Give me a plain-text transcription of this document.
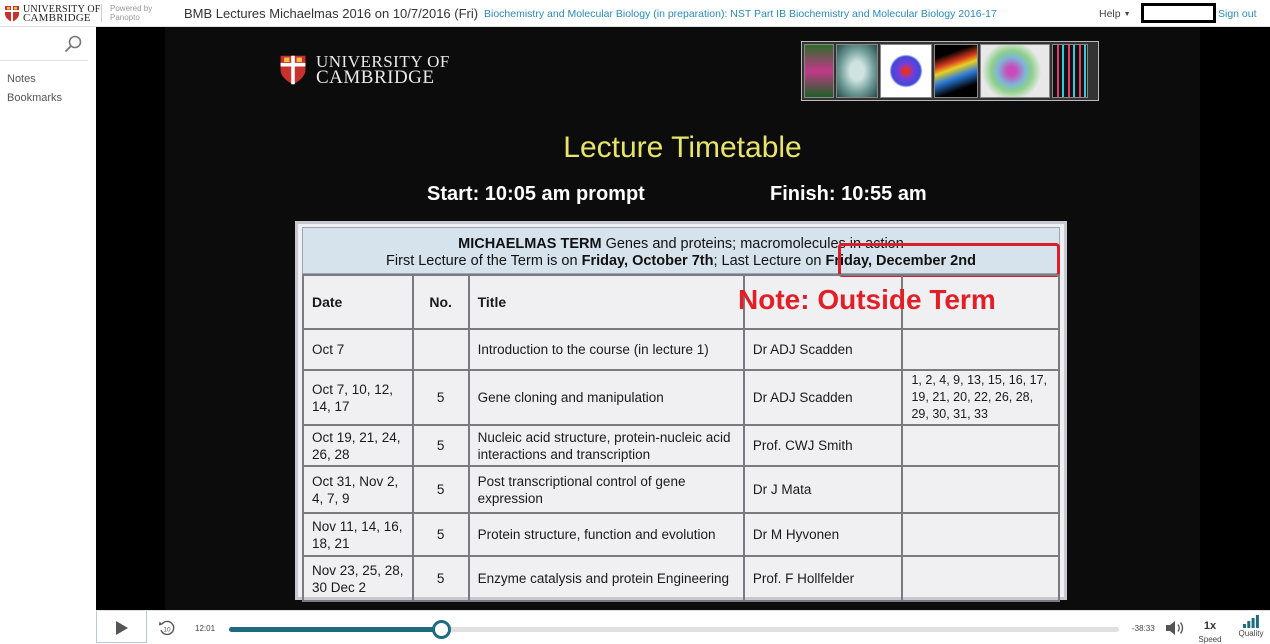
UNIVERSITY OF
CAMBRIDGE
Powered by
Panopto	BMB Lectures Michaelmas 2016 on 10/7/2016 (Fri) Biochemistry and Molecular Biology (in preparation): NST Part IB Biochemistry and Molecular Biology 2016-17	Help ▼	Sign out
Notes
Bookmarks
UNIVERSITY OF
CAMBRIDGE
Lecture Timetable
Start: 10:05 am prompt	Finish: 10:55 am
MICHAELMAS TERM Genes and proteins; macromolecules in action
First Lecture of the Term is on Friday, October 7th; Last Lecture on Friday, December 2nd
Date	No.	Title		
Oct 7		Introduction to the course (in lecture 1)	Dr ADJ Scadden	
Oct 7, 10, 12, 14, 17	5	Gene cloning and manipulation	Dr ADJ Scadden	1, 2, 4, 9, 13, 15, 16, 17, 19, 21, 20, 22, 26, 28, 29, 30, 31, 33
Oct 19, 21, 24, 26, 28	5	Nucleic acid structure, protein-nucleic acid interactions and transcription	Prof. CWJ Smith	
Oct 31, Nov 2, 4, 7, 9	5	Post transcriptional control of gene expression	Dr J Mata	
Nov 11, 14, 16, 18, 21	5	Protein structure, function and evolution	Dr M Hyvonen	
Nov 23, 25, 28, 30 Dec 2	5	Enzyme catalysis and protein Engineering	Prof. F Hollfelder	
Note: Outside Term
10	12:01	-38:33	1x
Speed
Quality
